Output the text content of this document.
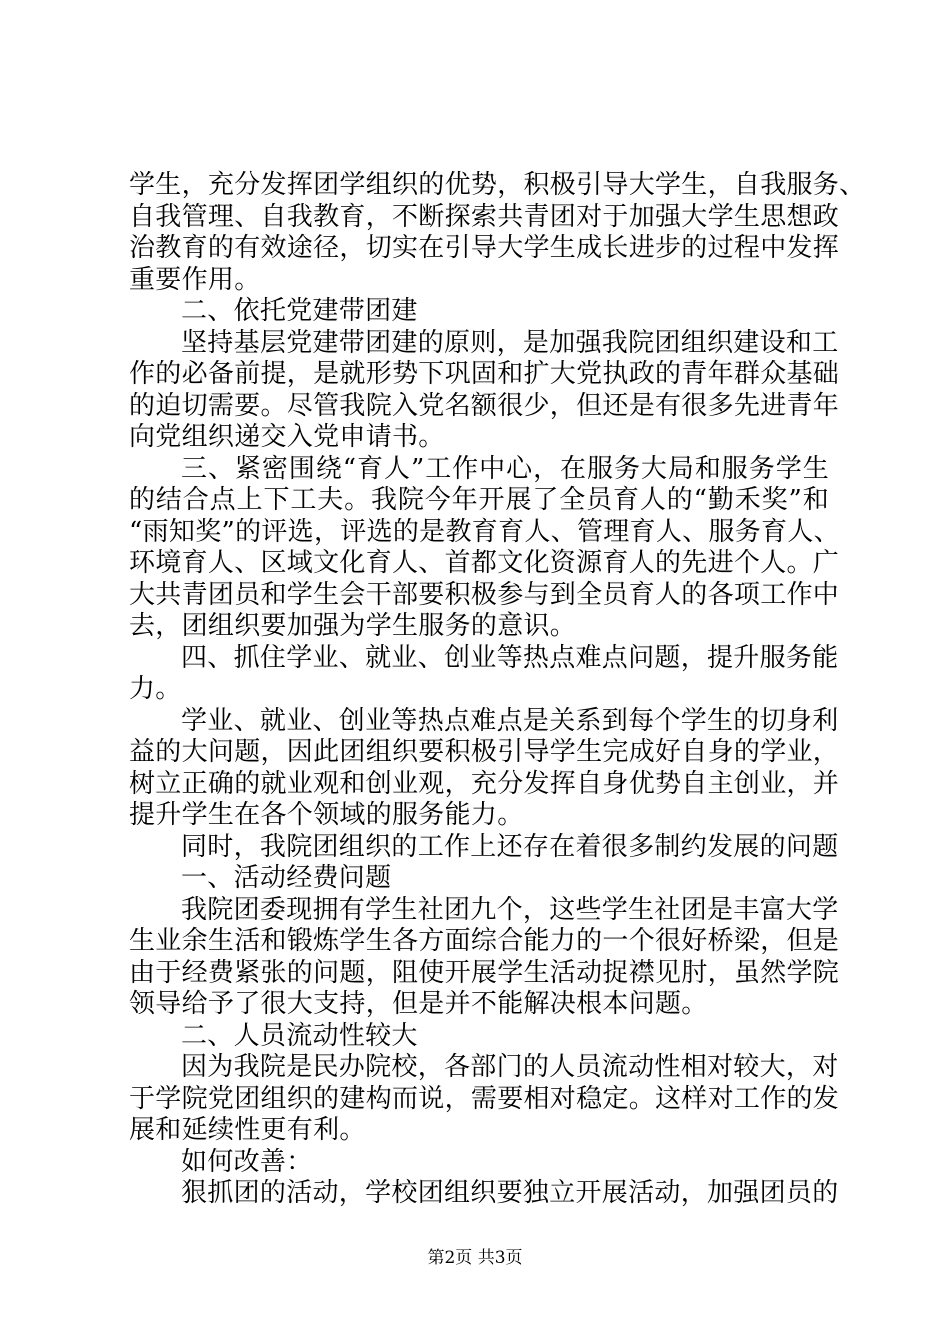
学生，充分发挥团学组织的优势，积极引导大学生，自我服务、
自我管理、自我教育，不断探索共青团对于加强大学生思想政
治教育的有效途径，切实在引导大学生成长进步的过程中发挥
重要作用。
二、依托党建带团建
坚持基层党建带团建的原则，是加强我院团组织建设和工
作的必备前提，是就形势下巩固和扩大党执政的青年群众基础
的迫切需要。尽管我院入党名额很少，但还是有很多先进青年
向党组织递交入党申请书。
三、紧密围绕“育人”工作中心，在服务大局和服务学生
的结合点上下工夫。我院今年开展了全员育人的“勤禾奖”和
“雨知奖”的评选，评选的是教育育人、管理育人、服务育人、
环境育人、区域文化育人、首都文化资源育人的先进个人。广
大共青团员和学生会干部要积极参与到全员育人的各项工作中
去，团组织要加强为学生服务的意识。
四、抓住学业、就业、创业等热点难点问题，提升服务能
力。
学业、就业、创业等热点难点是关系到每个学生的切身利
益的大问题，因此团组织要积极引导学生完成好自身的学业，
树立正确的就业观和创业观，充分发挥自身优势自主创业，并
提升学生在各个领域的服务能力。
同时，我院团组织的工作上还存在着很多制约发展的问题
一、活动经费问题
我院团委现拥有学生社团九个，这些学生社团是丰富大学
生业余生活和锻炼学生各方面综合能力的一个很好桥梁，但是
由于经费紧张的问题，阻使开展学生活动捉襟见肘，虽然学院
领导给予了很大支持，但是并不能解决根本问题。
二、人员流动性较大
因为我院是民办院校，各部门的人员流动性相对较大，对
于学院党团组织的建构而说，需要相对稳定。这样对工作的发
展和延续性更有利。
如何改善：
狠抓团的活动，学校团组织要独立开展活动，加强团员的
第2页 共3页
